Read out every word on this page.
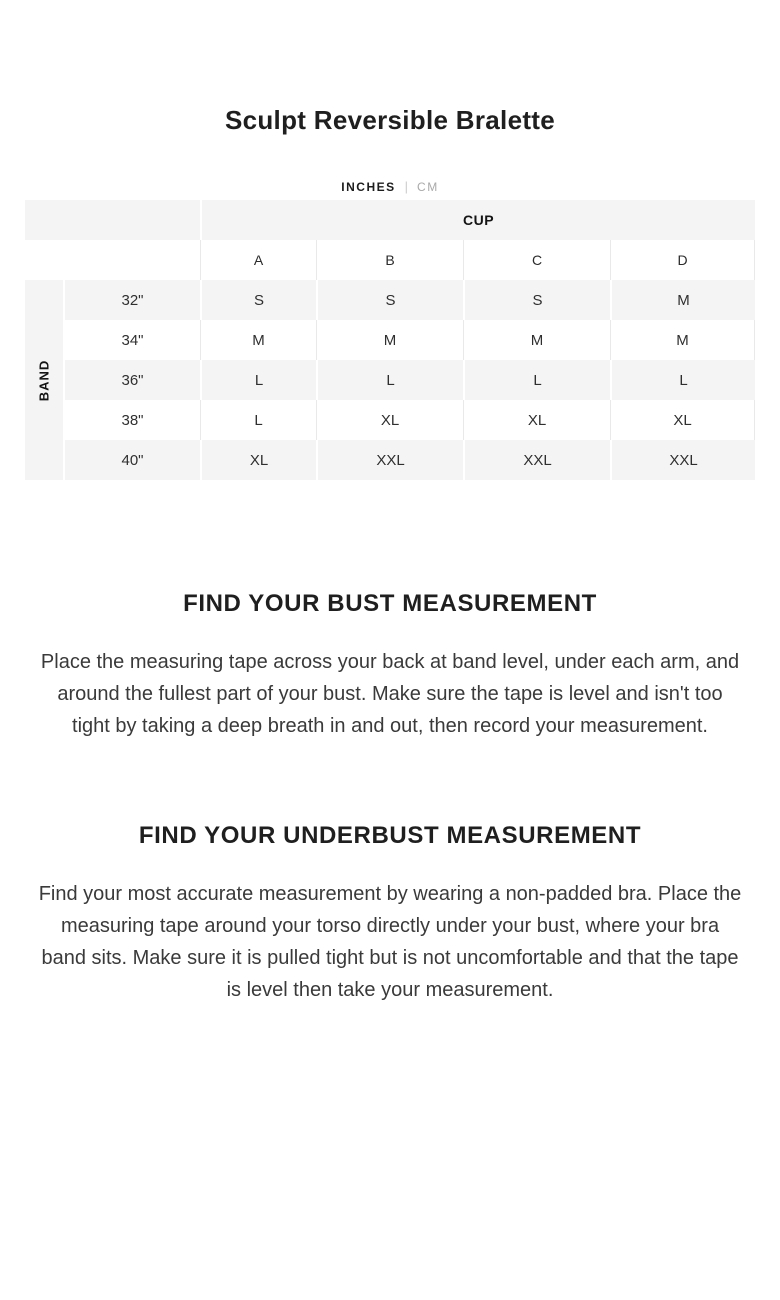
Sculpt Reversible Bralette
INCHES | CM
CUP
A	B	C	D
BAND
32"	S	S	S	M
34"	M	M	M	M
36"	L	L	L	L
38"	L	XL	XL	XL
40"	XL	XXL	XXL	XXL
FIND YOUR BUST MEASUREMENT

Place the measuring tape across your back at band level, under each arm, and around the fullest part of your bust. Make sure the tape is level and isn't too tight by taking a deep breath in and out, then record your measurement.

FIND YOUR UNDERBUST MEASUREMENT

Find your most accurate measurement by wearing a non-padded bra. Place the measuring tape around your torso directly under your bust, where your bra band sits. Make sure it is pulled tight but is not uncomfortable and that the tape is level then take your measurement.
